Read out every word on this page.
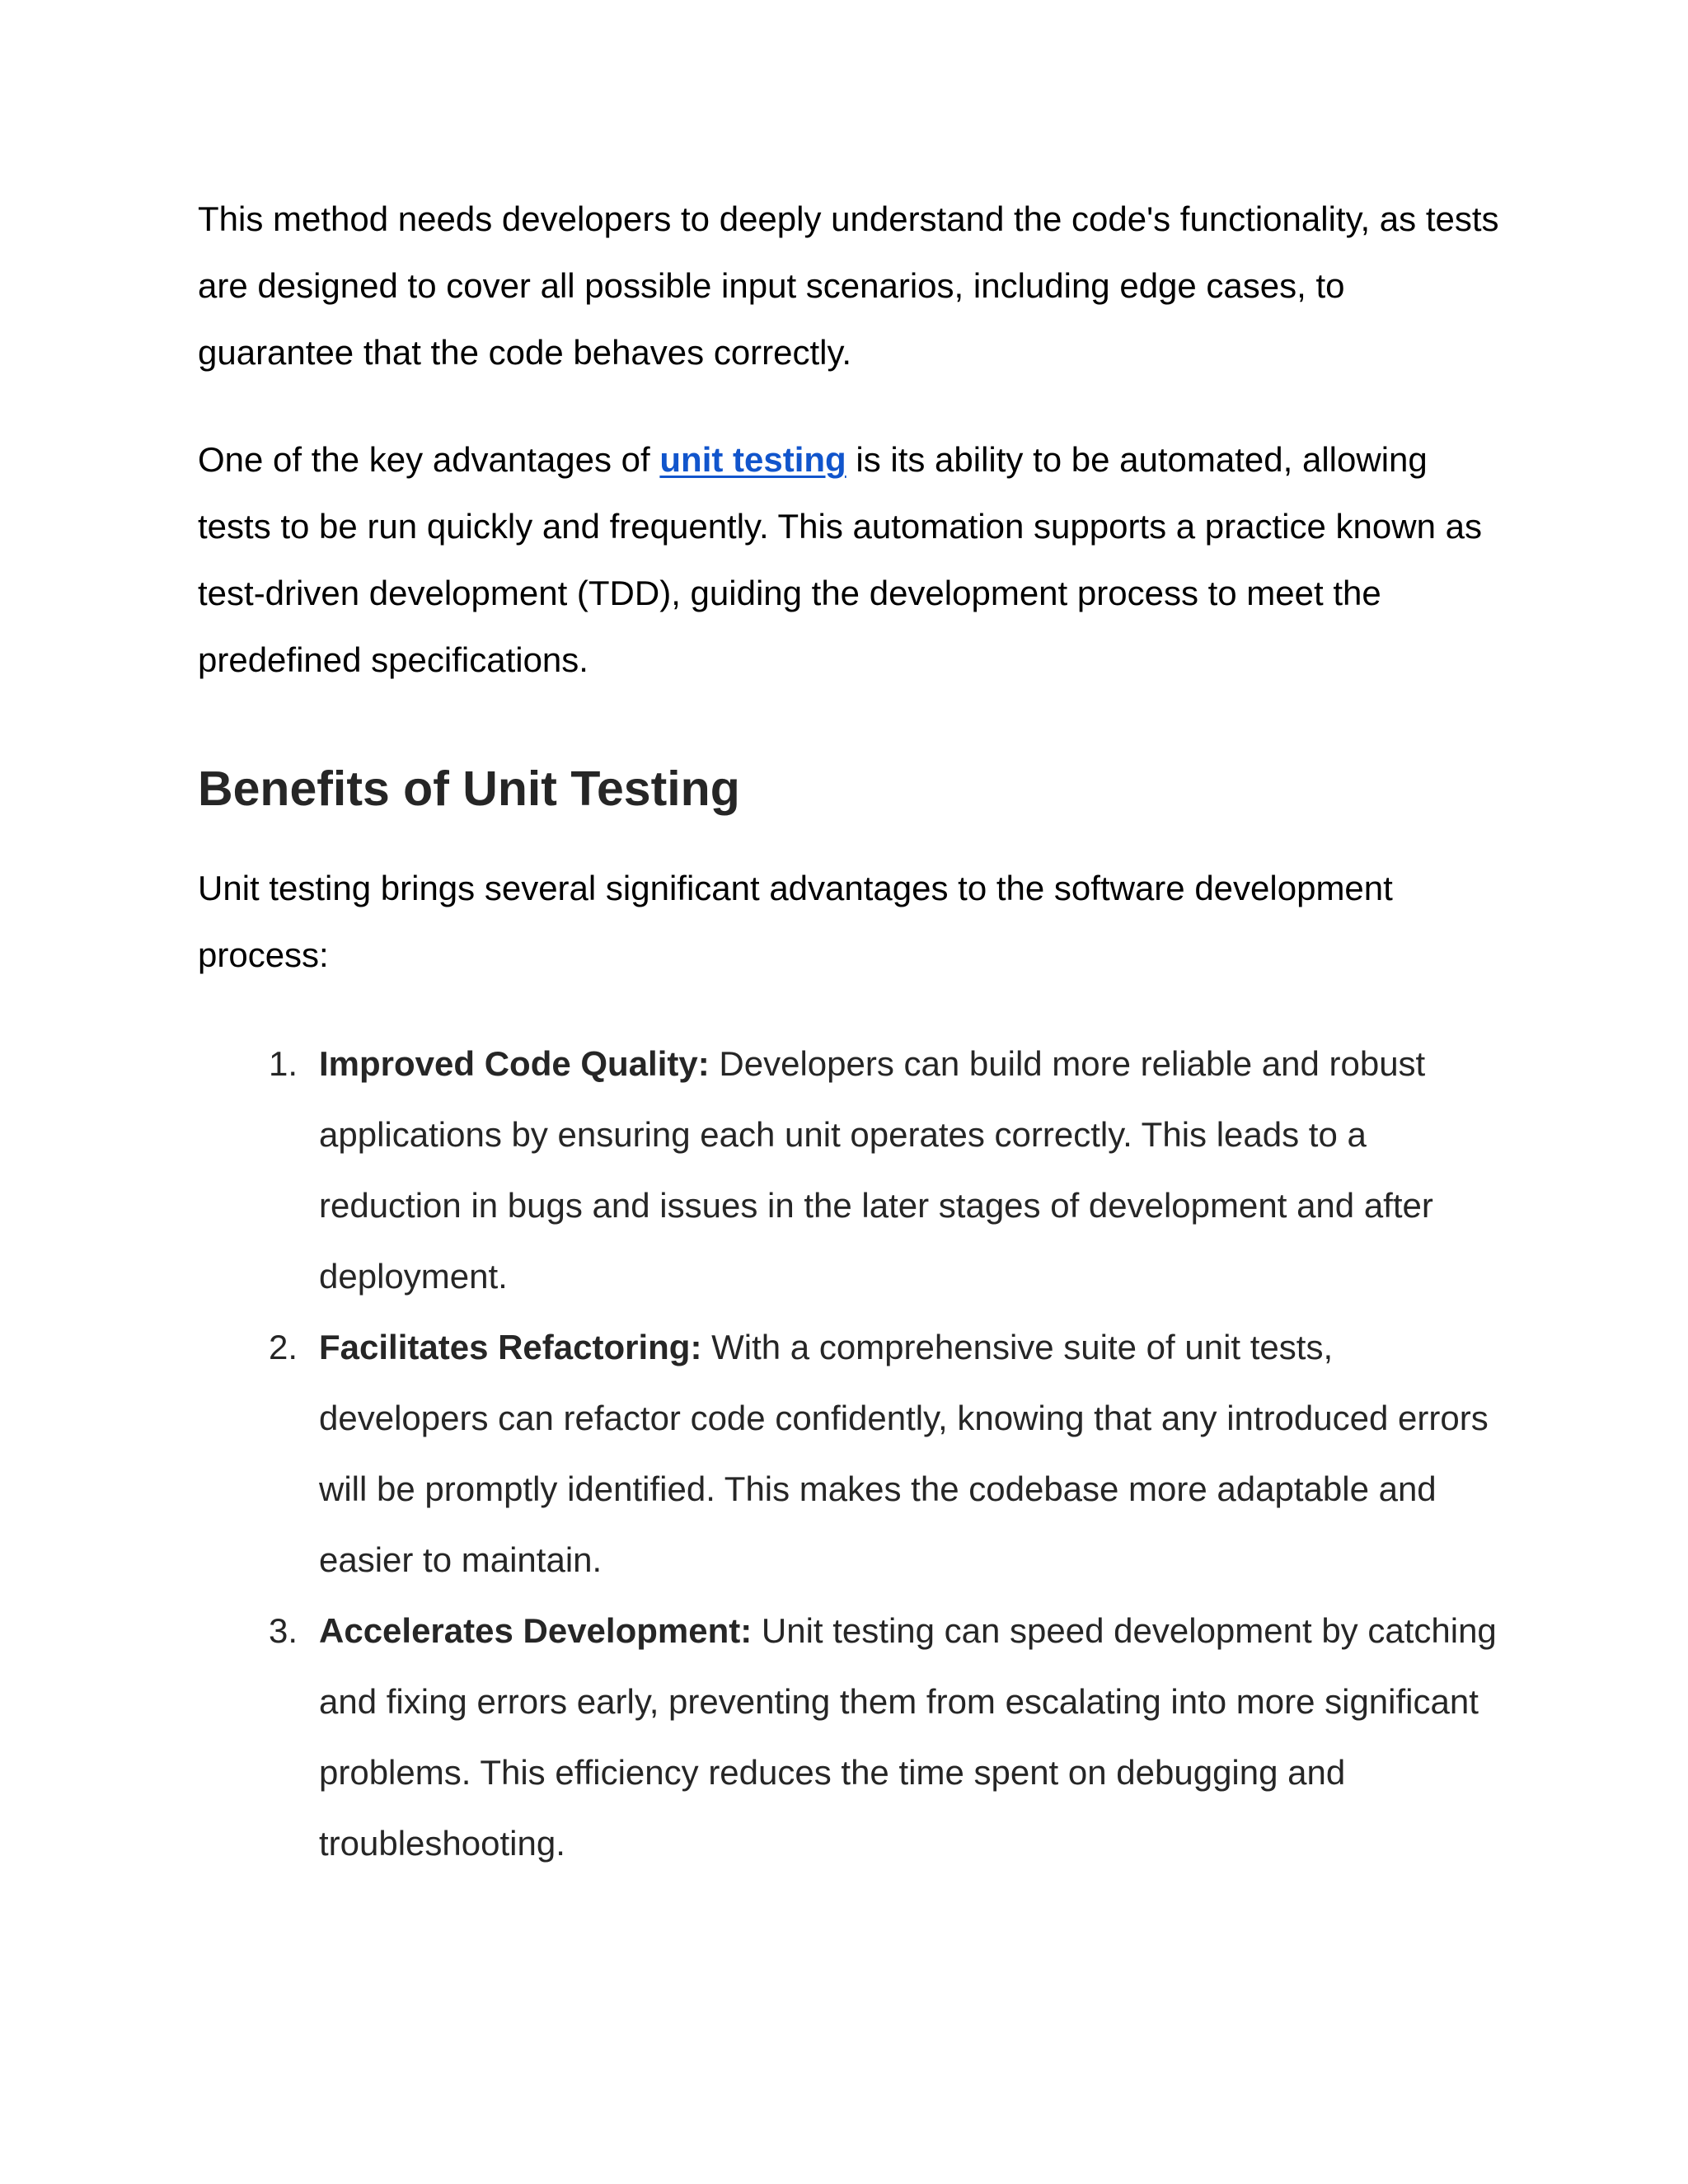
This method needs developers to deeply understand the code's functionality, as tests are designed to cover all possible input scenarios, including edge cases, to guarantee that the code behaves correctly.

One of the key advantages of unit testing is its ability to be automated, allowing tests to be run quickly and frequently. This automation supports a practice known as test-driven development (TDD), guiding the development process to meet the predefined specifications.

Benefits of Unit Testing

Unit testing brings several significant advantages to the software development process:

1. Improved Code Quality: Developers can build more reliable and robust applications by ensuring each unit operates correctly. This leads to a reduction in bugs and issues in the later stages of development and after deployment.
2. Facilitates Refactoring: With a comprehensive suite of unit tests, developers can refactor code confidently, knowing that any introduced errors will be promptly identified. This makes the codebase more adaptable and easier to maintain.
3. Accelerates Development: Unit testing can speed development by catching and fixing errors early, preventing them from escalating into more significant problems. This efficiency reduces the time spent on debugging and troubleshooting.
